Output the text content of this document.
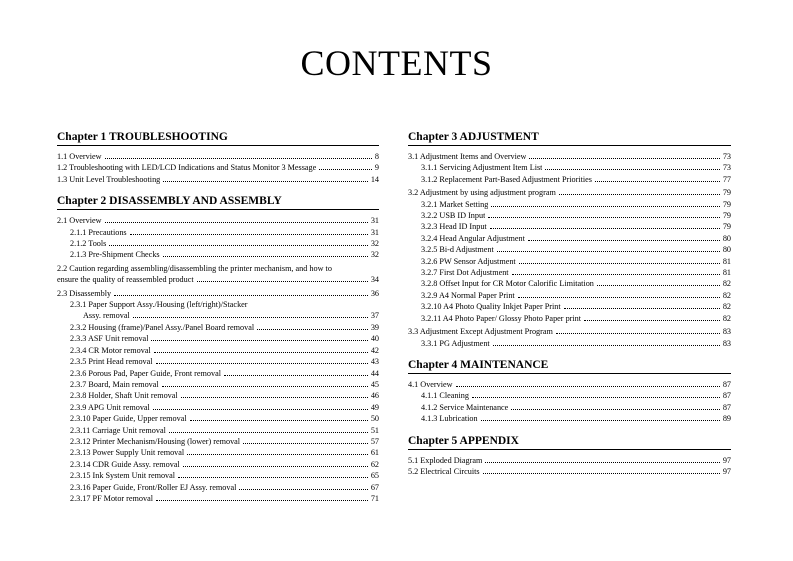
CONTENTS
Chapter 1 TROUBLESHOOTING
1.1 Overview	8
1.2 Troubleshooting with LED/LCD Indications and Status Monitor 3 Message	9
1.3 Unit Level Troubleshooting	14
Chapter 2 DISASSEMBLY AND ASSEMBLY
2.1 Overview	31
2.1.1 Precautions	31
2.1.2 Tools	32
2.1.3 Pre-Shipment Checks	32
2.2 Caution regarding assembling/disassembling the printer mechanism, and how to
ensure the quality of reassembled product	34
2.3 Disassembly	36
2.3.1 Paper Support Assy./Housing (left/right)/Stacker
Assy. removal	37
2.3.2 Housing (frame)/Panel Assy./Panel Board removal	39
2.3.3 ASF Unit removal	40
2.3.4 CR Motor removal	42
2.3.5 Print Head removal	43
2.3.6 Porous Pad, Paper Guide, Front removal	44
2.3.7 Board, Main removal	45
2.3.8 Holder, Shaft Unit removal	46
2.3.9 APG Unit removal	49
2.3.10 Paper Guide, Upper removal	50
2.3.11 Carriage Unit removal	51
2.3.12 Printer Mechanism/Housing (lower) removal	57
2.3.13 Power Supply Unit removal	61
2.3.14 CDR Guide Assy. removal	62
2.3.15 Ink System Unit removal	65
2.3.16 Paper Guide, Front/Roller EJ Assy. removal	67
2.3.17 PF Motor removal	71
Chapter 3 ADJUSTMENT
3.1 Adjustment Items and Overview	73
3.1.1 Servicing Adjustment Item List	73
3.1.2 Replacement Part-Based Adjustment Priorities	77
3.2 Adjustment by using adjustment program	79
3.2.1 Market Setting	79
3.2.2 USB ID Input	79
3.2.3 Head ID Input	79
3.2.4 Head Angular Adjustment	80
3.2.5 Bi-d Adjustment	80
3.2.6 PW Sensor Adjustment	81
3.2.7 First Dot Adjustment	81
3.2.8 Offset Input for CR Motor Calorific Limitation	82
3.2.9 A4 Normal Paper Print	82
3.2.10 A4 Photo Quality Inkjet Paper Print	82
3.2.11 A4 Photo Paper/ Glossy Photo Paper print	82
3.3 Adjustment Except Adjustment Program	83
3.3.1 PG Adjustment	83
Chapter 4 MAINTENANCE
4.1 Overview	87
4.1.1 Cleaning	87
4.1.2 Service Maintenance	87
4.1.3 Lubrication	89
Chapter 5 APPENDIX
5.1 Exploded Diagram	97
5.2 Electrical Circuits	97
